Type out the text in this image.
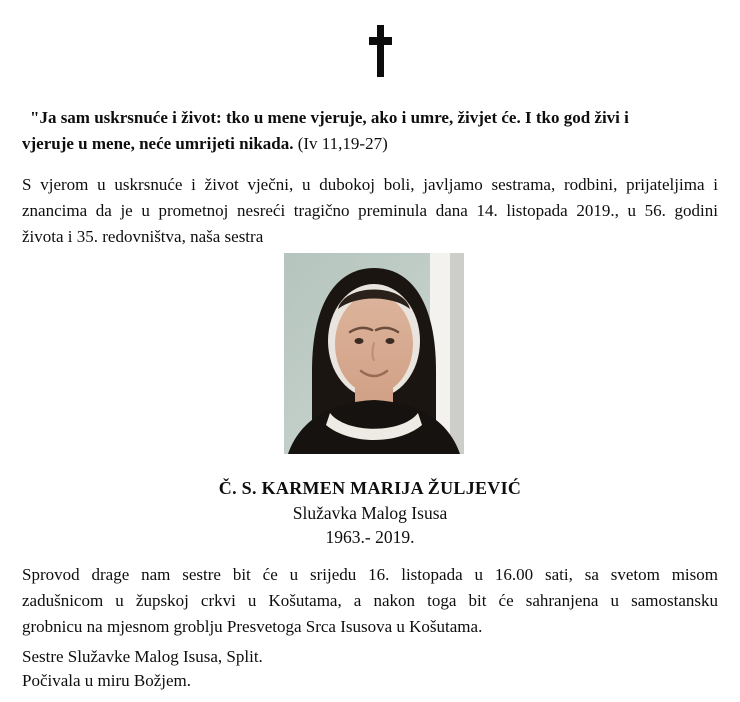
"Ja sam uskrsnuće i život: tko u mene vjeruje, ako i umre, živjet će. I tko god živi i
vjeruje u mene, neće umrijeti nikada. (Iv 11,19-27)
S vjerom u uskrsnuće i život vječni, u dubokoj boli, javljamo sestrama, rodbini, prijateljima i
znancima da je u prometnoj nesreći tragično preminula dana 14. listopada 2019., u 56. godini
života i 35. redovništva, naša sestra
Č. S. KARMEN MARIJA ŽULJEVIĆ
Služavka Malog Isusa
1963.- 2019.
Sprovod drage nam sestre bit će u srijedu 16. listopada u 16.00 sati, sa svetom misom
zadušnicom u župskoj crkvi u Košutama, a nakon toga bit će sahranjena u samostansku
grobnicu na mjesnom groblju Presvetoga Srca Isusova u Košutama.
Sestre Služavke Malog Isusa, Split.
Počivala u miru Božjem.
